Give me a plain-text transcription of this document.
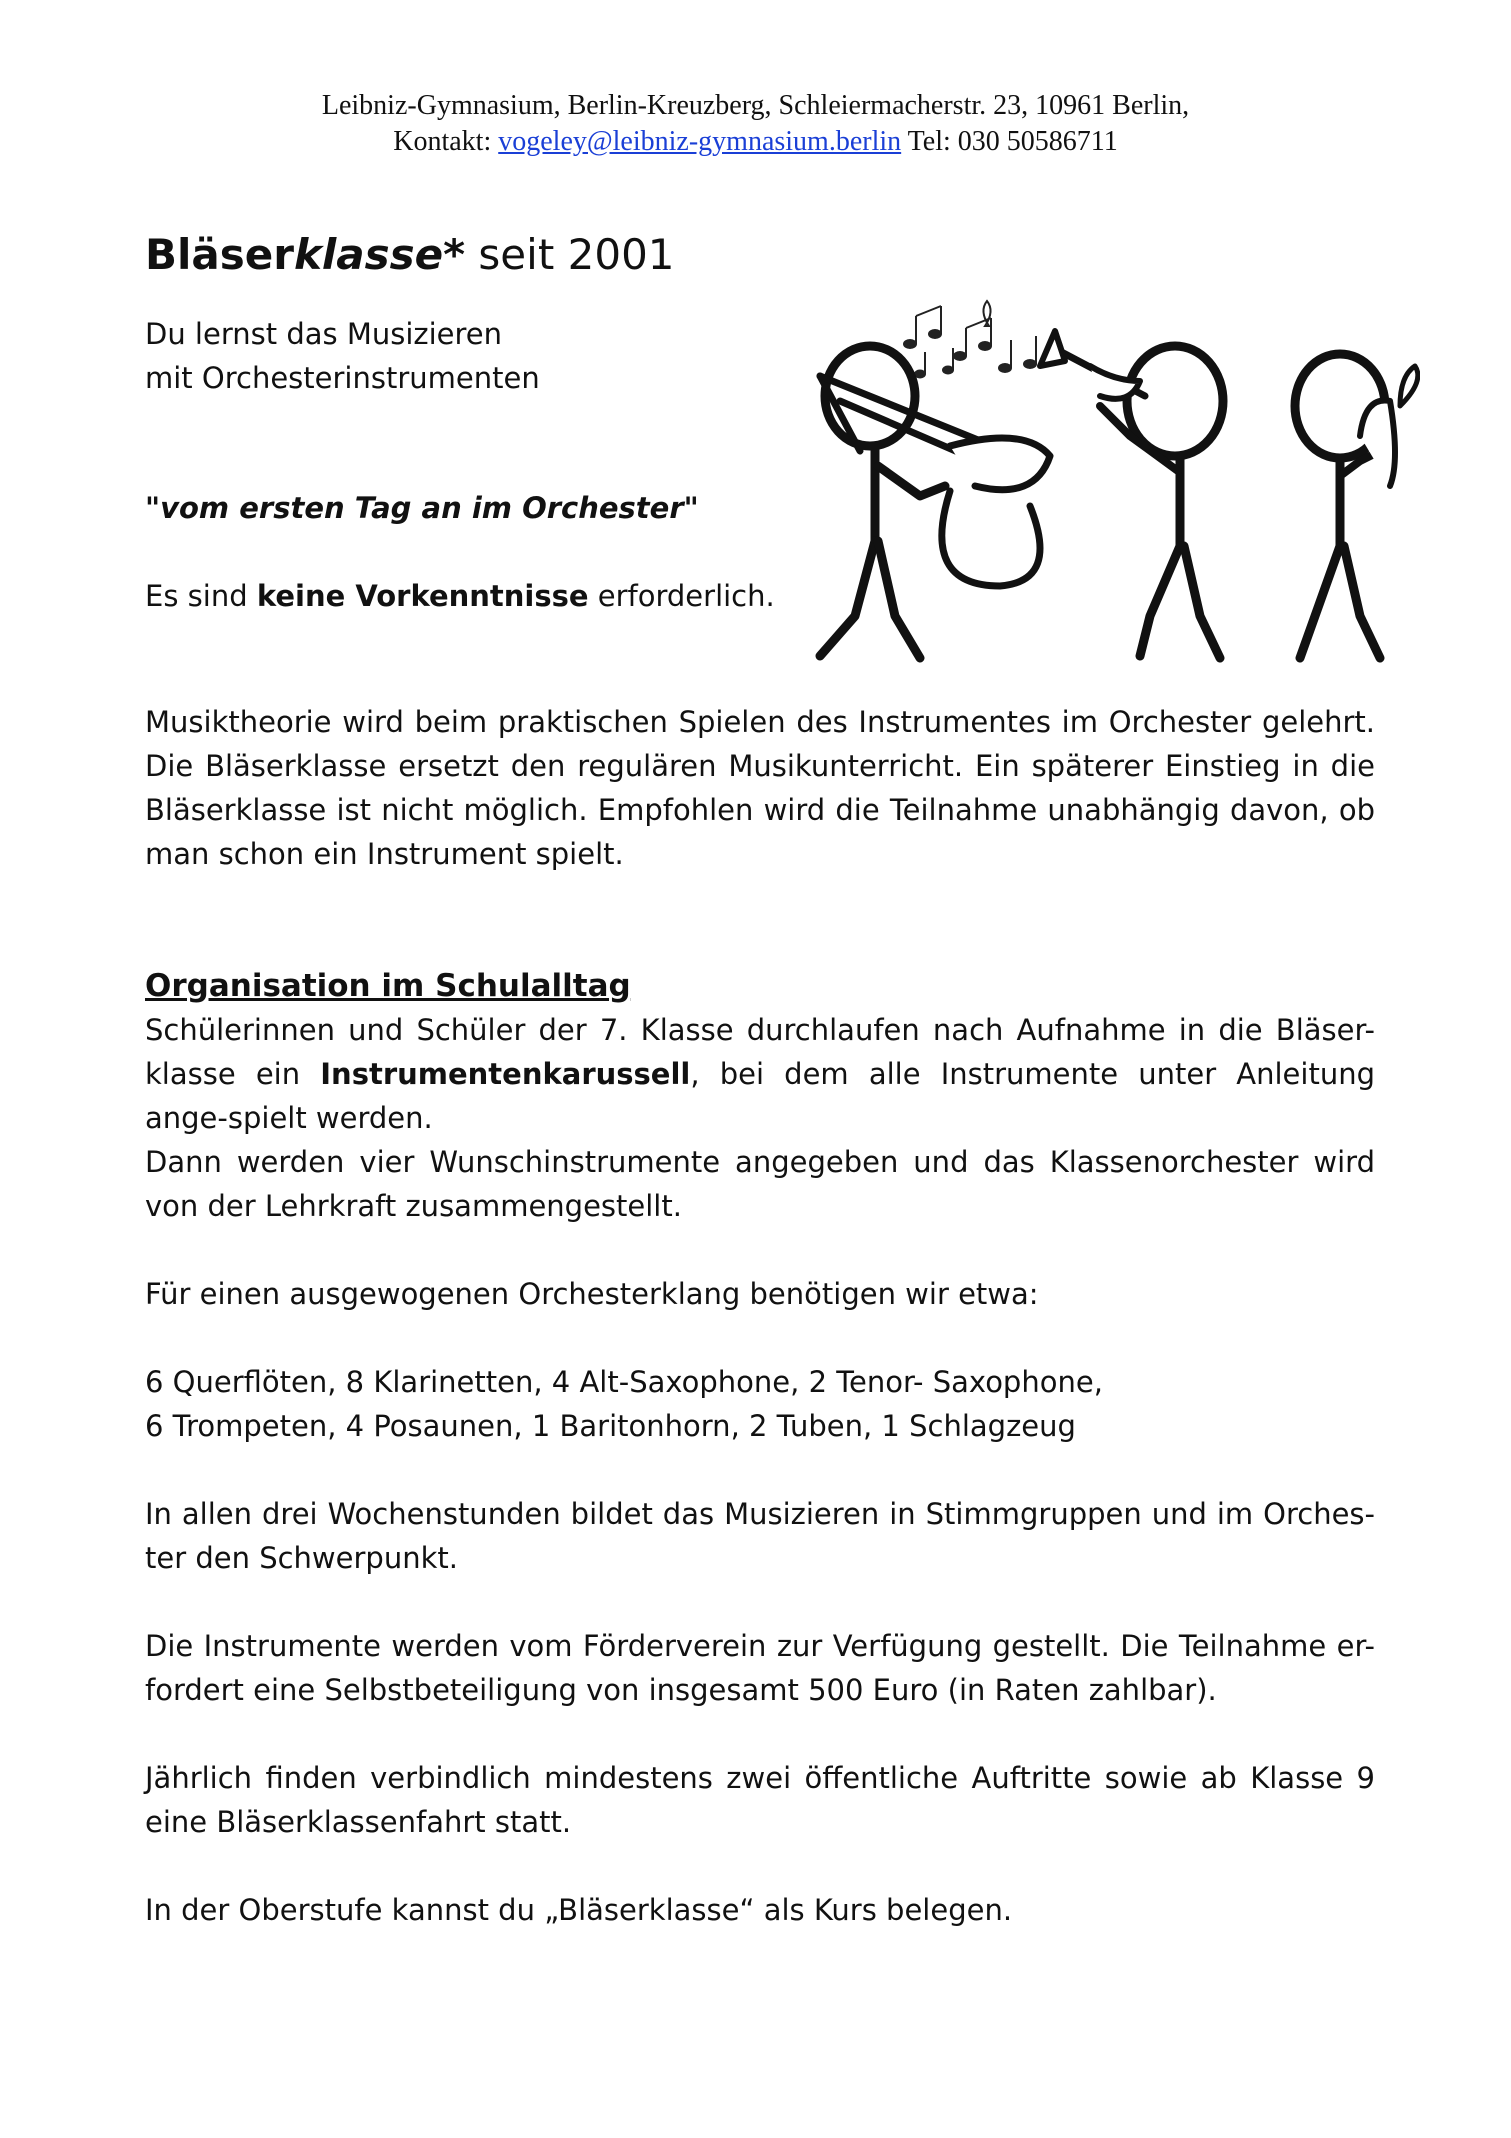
Leibniz-Gymnasium, Berlin-Kreuzberg, Schleiermacherstr. 23, 10961 Berlin,
Kontakt: vogeley@leibniz-gymnasium.berlin Tel: 030 50586711
Bläserklasse* seit 2001
Du lernst das Musizieren
mit Orchesterinstrumenten
"vom ersten Tag an im Orchester"
Es sind keine Vorkenntnisse erforderlich.
Musiktheorie wird beim praktischen Spielen des Instrumentes im Orchester gelehrt. Die Bläserklasse ersetzt den regulären Musikunterricht. Ein späterer Einstieg in die Bläserklasse ist nicht möglich. Empfohlen wird die Teilnahme unabhängig davon, ob man schon ein Instrument spielt.
Organisation im Schulalltag
Schülerinnen und Schüler der 7. Klasse durchlaufen nach Aufnahme in die Bläser-klasse ein Instrumentenkarussell, bei dem alle Instrumente unter Anleitung ange-spielt werden.
Dann werden vier Wunschinstrumente angegeben und das Klassenorchester wird von der Lehrkraft zusammengestellt.
Für einen ausgewogenen Orchesterklang benötigen wir etwa:
6 Querflöten, 8 Klarinetten, 4 Alt-Saxophone, 2 Tenor- Saxophone,
6 Trompeten, 4 Posaunen, 1 Baritonhorn, 2 Tuben, 1 Schlagzeug
In allen drei Wochenstunden bildet das Musizieren in Stimmgruppen und im Orches-ter den Schwerpunkt.
Die Instrumente werden vom Förderverein zur Verfügung gestellt. Die Teilnahme er-fordert eine Selbstbeteiligung von insgesamt 500 Euro (in Raten zahlbar).
Jährlich finden verbindlich mindestens zwei öffentliche Auftritte sowie ab Klasse 9 eine Bläserklassenfahrt statt.
In der Oberstufe kannst du „Bläserklasse“ als Kurs belegen.
